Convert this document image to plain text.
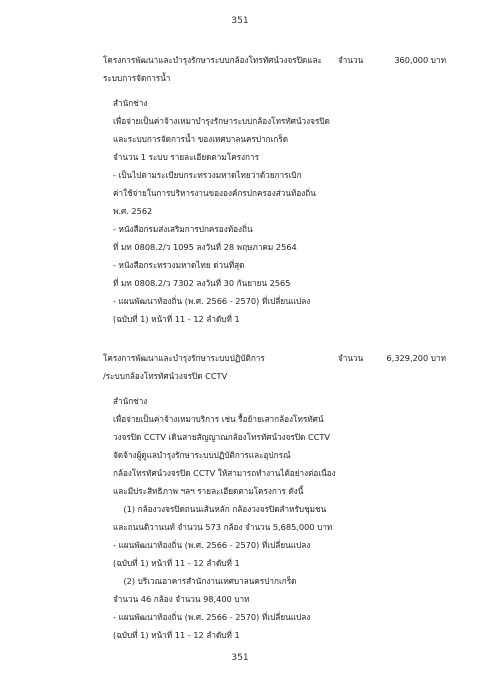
351
โครงการพัฒนาและบำรุงรักษาระบบกล้องโทรทัศน์วงจรปิดและ จำนวน	360,000 บาท
ระบบการจัดการน้ำ
สำนักช่าง
เพื่อจ่ายเป็นค่าจ้างเหมาบำรุงรักษาระบบกล้องโทรทัศน์วงจรปิด
และระบบการจัดการน้ำ ของเทศบาลนครปากเกร็ด
จำนวน 1 ระบบ รายละเอียดตามโครงการ
- เป็นไปตามระเบียบกระทรวงมหาดไทยว่าด้วยการเบิก
ค่าใช้จ่ายในการบริหารงานขององค์กรปกครองส่วนท้องถิ่น
พ.ศ. 2562
- หนังสือกรมส่งเสริมการปกครองท้องถิ่น
ที่ มท 0808.2/ว 1095 ลงวันที่ 28 พฤษภาคม 2564
- หนังสือกระทรวงมหาดไทย ด่วนที่สุด
ที่ มท 0808.2/ว 7302 ลงวันที่ 30 กันยายน 2565
- แผนพัฒนาท้องถิ่น (พ.ศ. 2566 - 2570) ที่เปลี่ยนแปลง
(ฉบับที่ 1) หน้าที่ 11 - 12 ลำดับที่ 1
โครงการพัฒนาและบำรุงรักษาระบบปฏิบัติการ	จำนวน	6,329,200 บาท
/ระบบกล้องโทรทัศน์วงจรปิด CCTV
สำนักช่าง
เพื่อจ่ายเป็นค่าจ้างเหมาบริการ เช่น รื้อย้ายเสากล้องโทรทัศน์
วงจรปิด CCTV เดินสายสัญญาณกล้องโทรทัศน์วงจรปิด CCTV
จัดจ้างผู้ดูแลบำรุงรักษาระบบปฏิบัติการและอุปกรณ์
กล้องโทรทัศน์วงจรปิด CCTV ให้สามารถทำงานได้อย่างต่อเนื่อง
และมีประสิทธิภาพ ฯลฯ รายละเอียดตามโครงการ ดังนี้
(1) กล้องวงจรปิดถนนเส้นหลัก กล้องวงจรปิดสำหรับชุมชน
และถนนติวานนท์ จำนวน 573 กล้อง จำนวน 5,685,000 บาท
- แผนพัฒนาท้องถิ่น (พ.ศ. 2566 - 2570) ที่เปลี่ยนแปลง
(ฉบับที่ 1) หน้าที่ 11 - 12 ลำดับที่ 1
(2) บริเวณอาคารสำนักงานเทศบาลนครปากเกร็ด
จำนวน 46 กล้อง จำนวน 98,400 บาท
- แผนพัฒนาท้องถิ่น (พ.ศ. 2566 - 2570) ที่เปลี่ยนแปลง
(ฉบับที่ 1) หน้าที่ 11 - 12 ลำดับที่ 1
351
